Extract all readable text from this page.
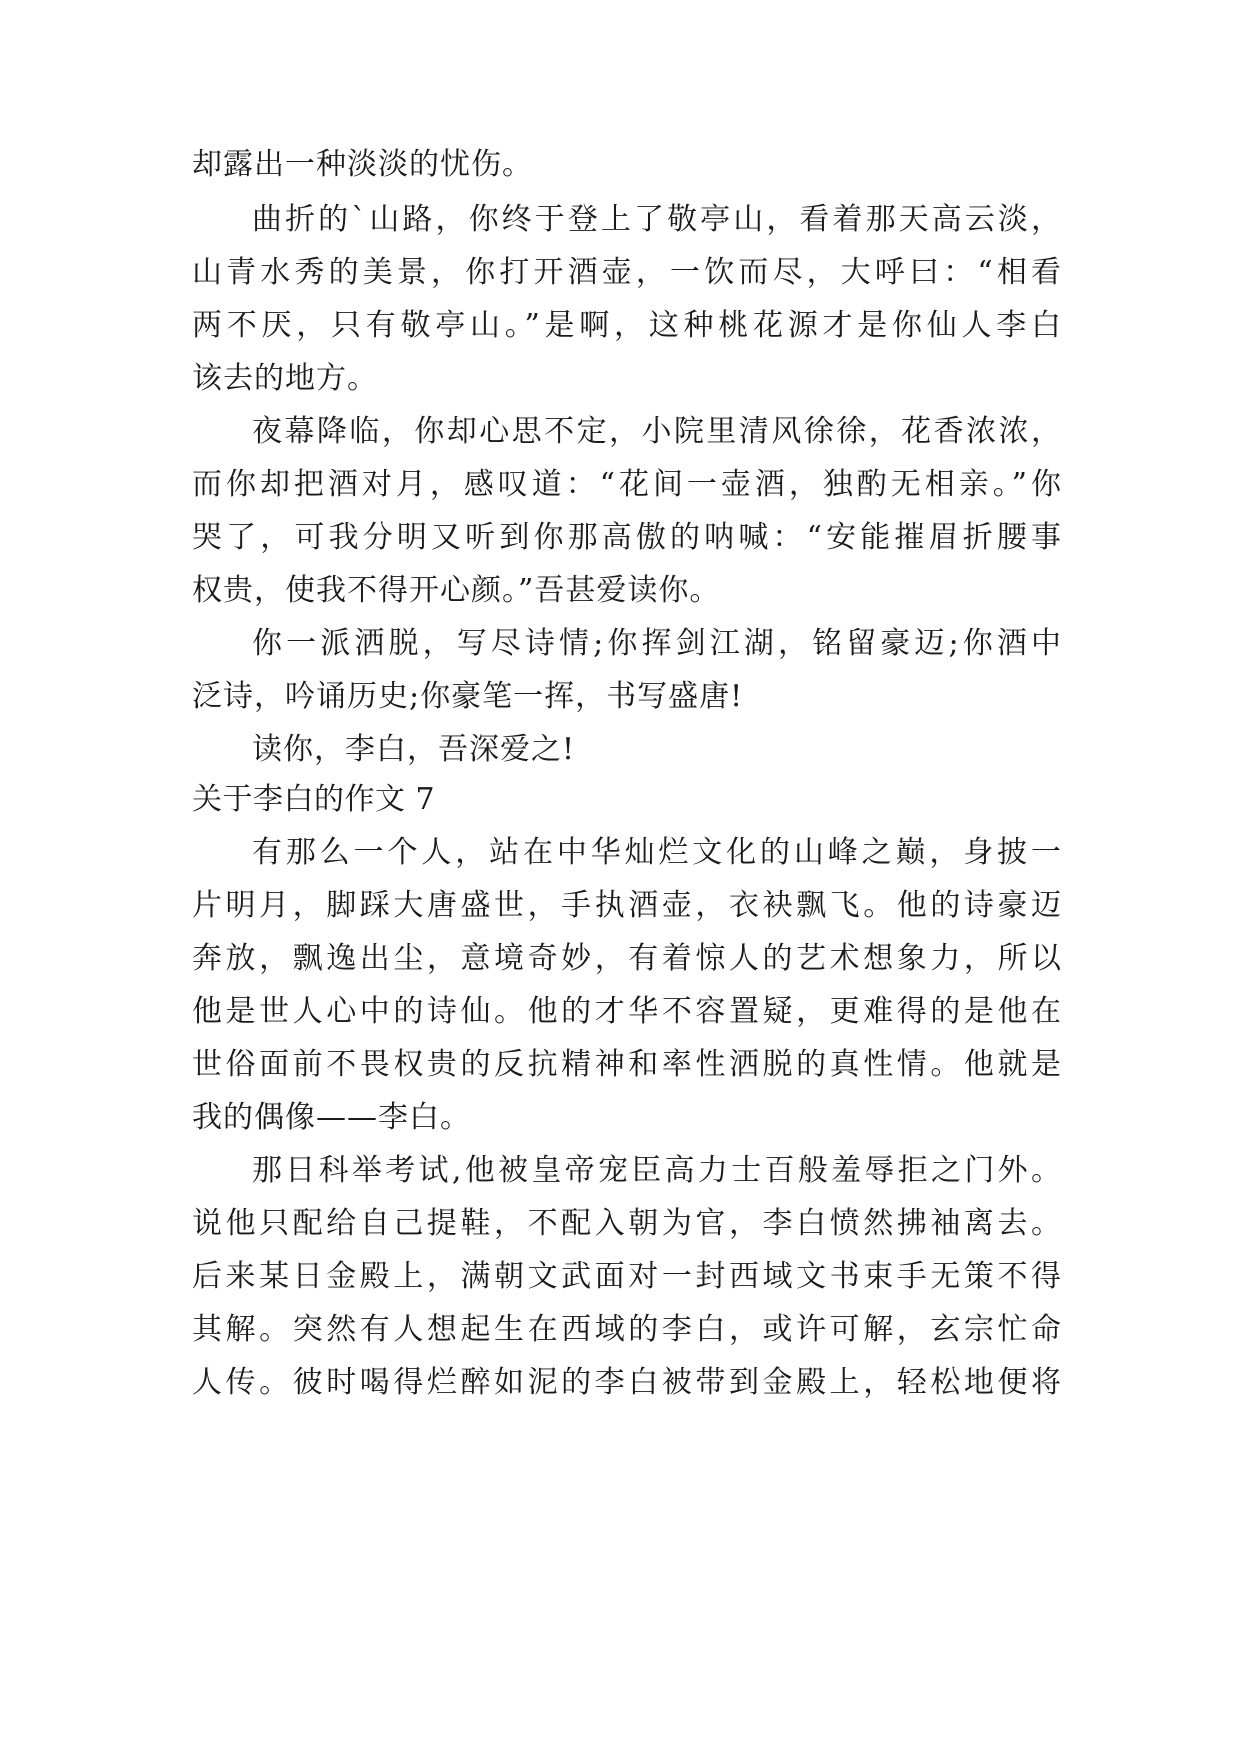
却露出一种淡淡的忧伤。
曲折的`山路，你终于登上了敬亭山，看着那天高云淡，
山青水秀的美景，你打开酒壶，一饮而尽，大呼曰：“相看
两不厌，只有敬亭山。”是啊，这种桃花源才是你仙人李白
该去的地方。
夜幕降临，你却心思不定，小院里清风徐徐，花香浓浓，
而你却把酒对月，感叹道：“花间一壶酒，独酌无相亲。”你
哭了，可我分明又听到你那高傲的呐喊：“安能摧眉折腰事
权贵，使我不得开心颜。”吾甚爱读你。
你一派洒脱，写尽诗情;你挥剑江湖，铭留豪迈;你酒中
泛诗，吟诵历史;你豪笔一挥，书写盛唐!
读你，李白，吾深爱之!
关于李白的作文 7
有那么一个人，站在中华灿烂文化的山峰之巅，身披一
片明月，脚踩大唐盛世，手执酒壶，衣袂飘飞。他的诗豪迈
奔放，飘逸出尘，意境奇妙，有着惊人的艺术想象力，所以
他是世人心中的诗仙。他的才华不容置疑，更难得的是他在
世俗面前不畏权贵的反抗精神和率性洒脱的真性情。他就是
我的偶像——李白。
那日科举考试,他被皇帝宠臣高力士百般羞辱拒之门外。
说他只配给自己提鞋，不配入朝为官，李白愤然拂袖离去。
后来某日金殿上，满朝文武面对一封西域文书束手无策不得
其解。突然有人想起生在西域的李白，或许可解，玄宗忙命
人传。彼时喝得烂醉如泥的李白被带到金殿上，轻松地便将
